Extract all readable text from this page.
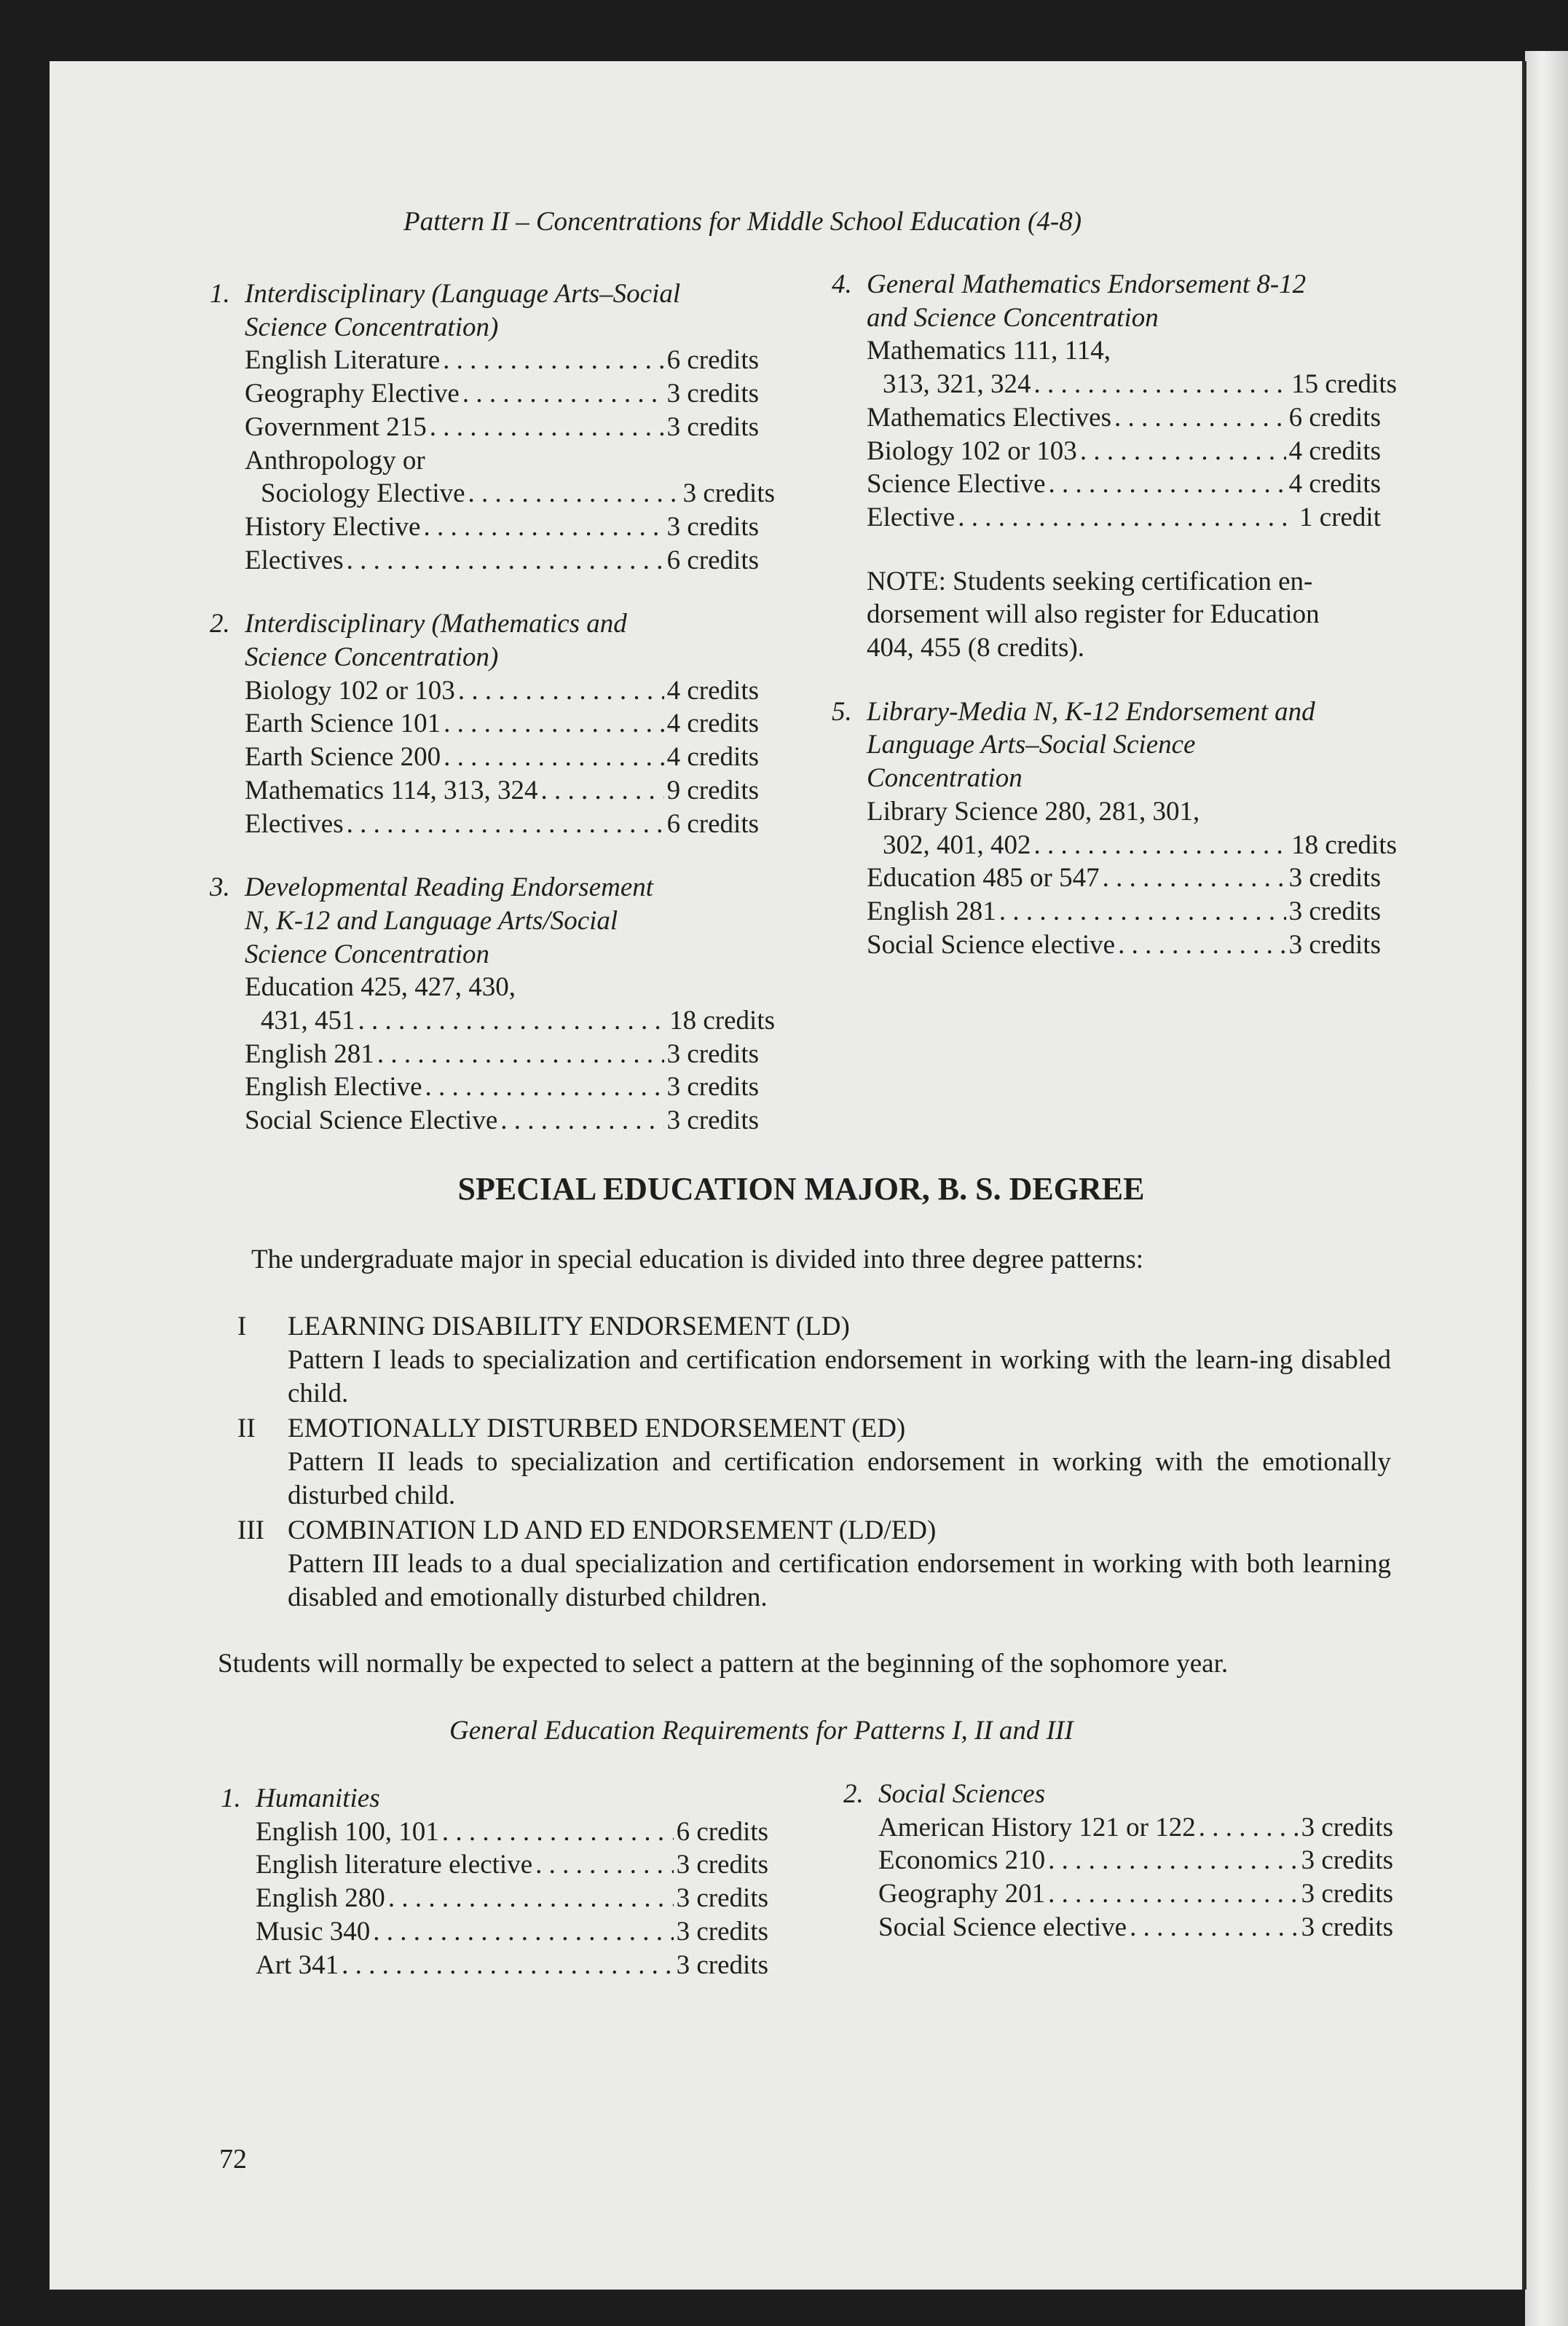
Pattern II – Concentrations for Middle School Education (4-8)
1. Interdisciplinary (Language Arts–Social
Science Concentration)
English Literature . . .	6 credits
Geography Elective . . .	3 credits
Government 215 . . .	3 credits
Anthropology or
Sociology Elective . . .	3 credits
History Elective . . .	3 credits
Electives . . .	6 credits
2. Interdisciplinary (Mathematics and
Science Concentration)
Biology 102 or 103 . . .	4 credits
Earth Science 101 . . .	4 credits
Earth Science 200 . . .	4 credits
Mathematics 114, 313, 324 . . .	9 credits
Electives . . .	6 credits
3. Developmental Reading Endorsement
N, K-12 and Language Arts/Social
Science Concentration
Education 425, 427, 430,
431, 451 . . .	18 credits
English 281 . . .	3 credits
English Elective . . .	3 credits
Social Science Elective . . .	3 credits
4. General Mathematics Endorsement 8-12
and Science Concentration
Mathematics 111, 114,
313, 321, 324 . . .	15 credits
Mathematics Electives . . .	6 credits
Biology 102 or 103 . . .	4 credits
Science Elective . . .	4 credits
Elective . . .	1 credit
NOTE: Students seeking certification en-
dorsement will also register for Education
404, 455 (8 credits).
5. Library-Media N, K-12 Endorsement and
Language Arts–Social Science
Concentration
Library Science 280, 281, 301,
302, 401, 402 . . .	18 credits
Education 485 or 547 . . .	3 credits
English 281 . . .	3 credits
Social Science elective . . .	3 credits
SPECIAL EDUCATION MAJOR, B. S. DEGREE
The undergraduate major in special education is divided into three degree patterns:
I LEARNING DISABILITY ENDORSEMENT (LD)
Pattern I leads to specialization and certification endorsement in working with the learn-ing disabled child.
II EMOTIONALLY DISTURBED ENDORSEMENT (ED)
Pattern II leads to specialization and certification endorsement in working with the emotionally disturbed child.
III COMBINATION LD AND ED ENDORSEMENT (LD/ED)
Pattern III leads to a dual specialization and certification endorsement in working with both learning disabled and emotionally disturbed children.
Students will normally be expected to select a pattern at the beginning of the sophomore year.
General Education Requirements for Patterns I, II and III
1. Humanities
English 100, 101 . . .	6 credits
English literature elective . . .	3 credits
English 280 . . .	3 credits
Music 340 . . .	3 credits
Art 341 . . .	3 credits
2. Social Sciences
American History 121 or 122 . . .	3 credits
Economics 210 . . .	3 credits
Geography 201 . . .	3 credits
Social Science elective . . .	3 credits
72
